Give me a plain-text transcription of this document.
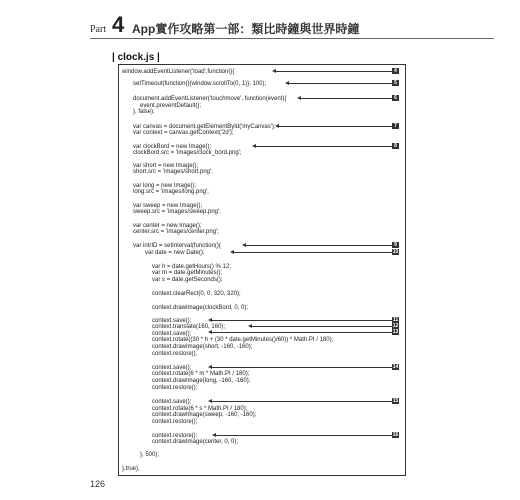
Part 4 App實作攻略第一部：類比時鐘與世界時鐘
| clock.js |
window.addEventListener('load',function(){
setTimeout(function(){window.scrollTo(0, 1)}, 100);
document.addEventListener('touchmove', function(event){
event.preventDefault();
}, false);
var canvas = document.getElementById('myCanvas');
var context = canvas.getContext('2d');
var clockBord = new Image();
clockBord.src = 'images/clock_bord.png';
var short = new Image();
short.src = 'images/short.png';
var long = new Image();
long.src = 'images/long.png';
var sweep = new Image();
sweep.src = 'images/sweep.png';
var center = new Image();
center.src = 'images/center.png';
var intrID = setInterval(function(){
var date = new Date();
var h = date.getHours() % 12;
var m = date.getMinutes();
var s = date.getSeconds();
context.clearRect(0, 0, 320, 320);
context.drawImage(clockBord, 0, 0);
context.save();
context.translate(160, 160);
context.save();
context.rotate((30 * h + (30 * date.getMinutes()/60)) * Math.PI / 180);
context.drawImage(short, -160, -160);
context.restore();
context.save();
context.rotate(6 * m * Math.PI / 180);
context.drawImage(long, -160, -160);
context.restore();
context.save();
context.rotate(6 * s * Math.PI / 180);
context.drawImage(sweep, -160, -160);
context.restore();
context.restore();
context.drawImage(center, 0, 0);
}, 500);
},true);
4
5
6
7
8
9
10
11
12
13
14
15
16
126
